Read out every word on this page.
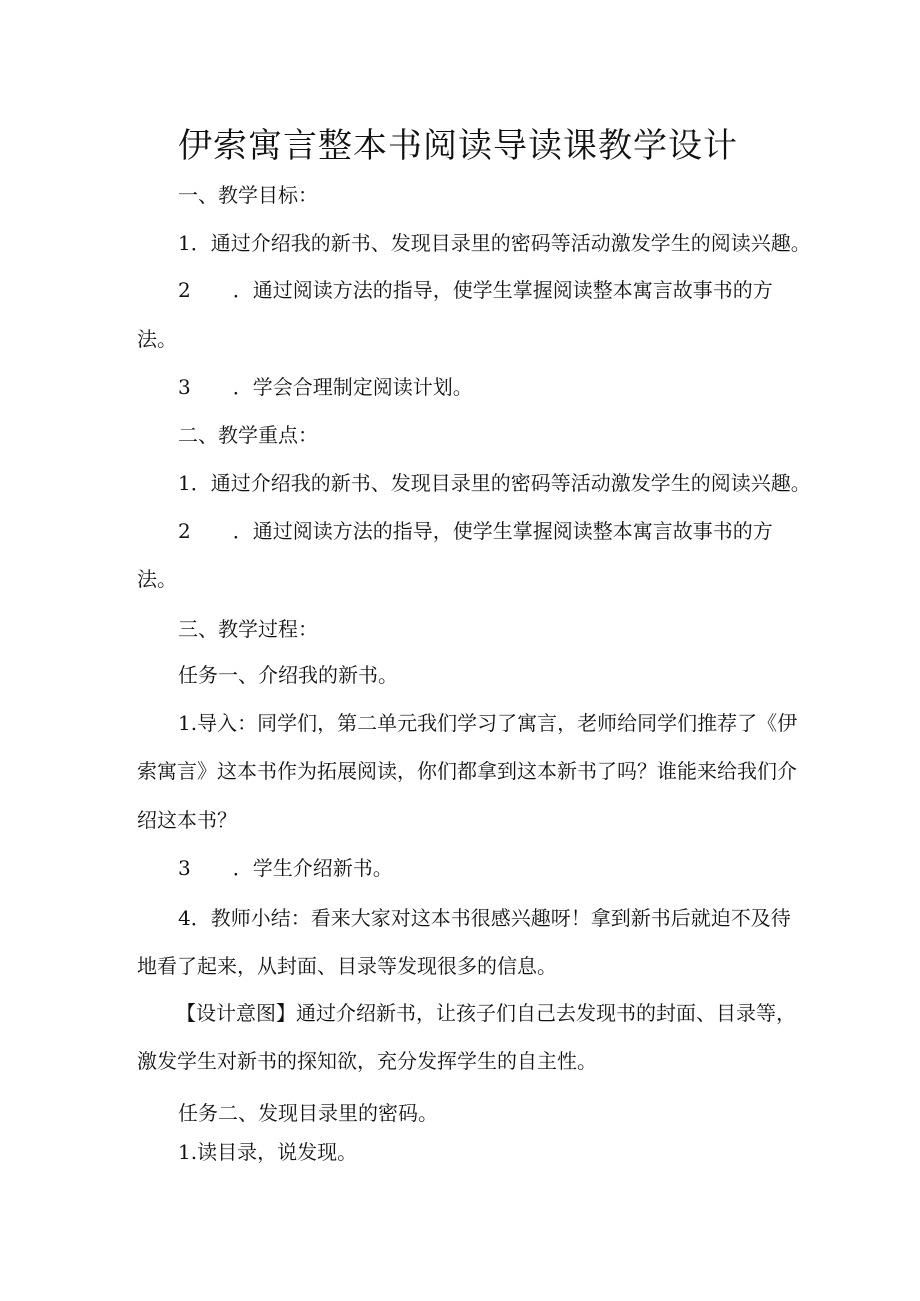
伊索寓言整本书阅读导读课教学设计
一、教学目标：
1．通过介绍我的新书、发现目录里的密码等活动激发学生的阅读兴趣。
2 ．通过阅读方法的指导，使学生掌握阅读整本寓言故事书的方
法。
3 ．学会合理制定阅读计划。
二、教学重点：
1．通过介绍我的新书、发现目录里的密码等活动激发学生的阅读兴趣。
2 ．通过阅读方法的指导，使学生掌握阅读整本寓言故事书的方
法。
三、教学过程：
任务一、介绍我的新书。
1.导入：同学们，第二单元我们学习了寓言，老师给同学们推荐了《伊
索寓言》这本书作为拓展阅读，你们都拿到这本新书了吗？谁能来给我们介
绍这本书？
3 ．学生介绍新书。
4．教师小结：看来大家对这本书很感兴趣呀！拿到新书后就迫不及待
地看了起来，从封面、目录等发现很多的信息。
【设计意图】通过介绍新书，让孩子们自己去发现书的封面、目录等，
激发学生对新书的探知欲，充分发挥学生的自主性。
任务二、发现目录里的密码。
1.读目录，说发现。
